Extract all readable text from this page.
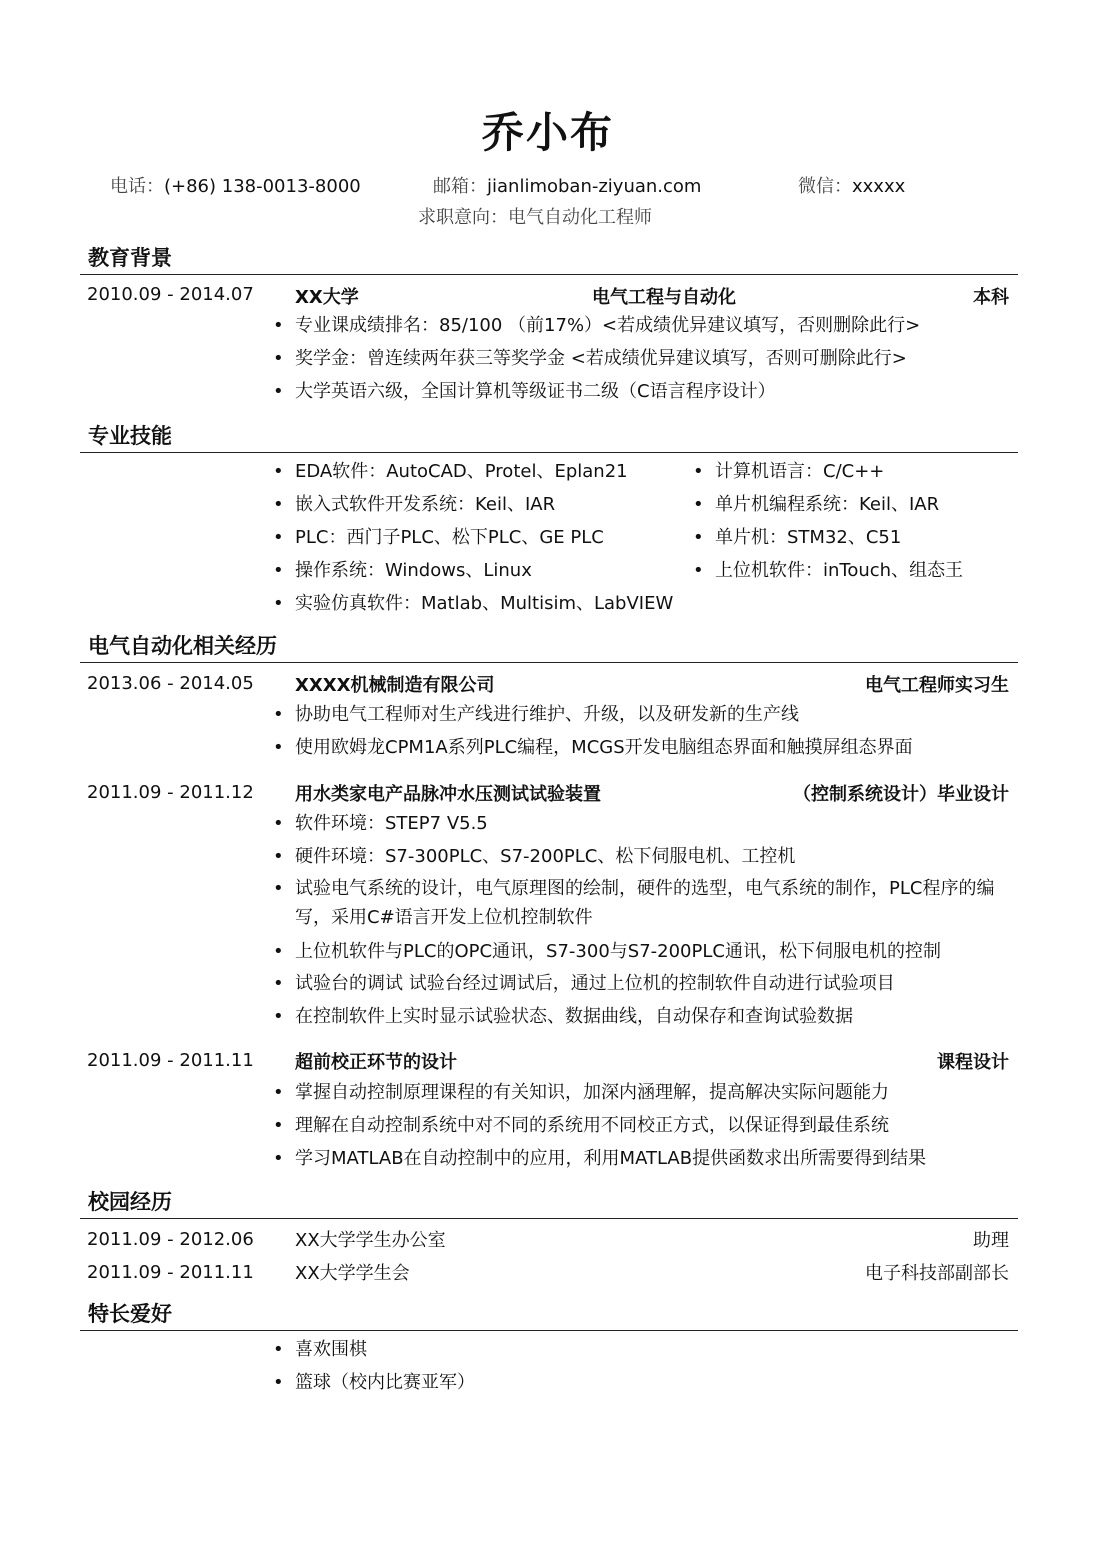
乔小布
电话：(+86) 138-0013-8000	邮箱：jianlimoban-ziyuan.com	微信：xxxxx
求职意向：电气自动化工程师
教育背景
2010.09 - 2014.07 XX大学	电气工程与自动化	本科
• 专业课成绩排名：85/100 （前17%）<若成绩优异建议填写，否则删除此行>
• 奖学金：曾连续两年获三等奖学金 <若成绩优异建议填写，否则可删除此行>
• 大学英语六级，全国计算机等级证书二级（C语言程序设计）
专业技能
• EDA软件：AutoCAD、Protel、Eplan21
• 嵌入式软件开发系统：Keil、IAR
• PLC：西门子PLC、松下PLC、GE PLC
• 操作系统：Windows、Linux
• 实验仿真软件：Matlab、Multisim、LabVIEW
• 计算机语言：C/C++
• 单片机编程系统：Keil、IAR
• 单片机：STM32、C51
• 上位机软件：inTouch、组态王
电气自动化相关经历
2013.06 - 2014.05 XXXX机械制造有限公司	电气工程师实习生
• 协助电气工程师对生产线进行维护、升级，以及研发新的生产线
• 使用欧姆龙CPM1A系列PLC编程，MCGS开发电脑组态界面和触摸屏组态界面
2011.09 - 2011.12 用水类家电产品脉冲水压测试试验装置	（控制系统设计）毕业设计
• 软件环境：STEP7 V5.5
• 硬件环境：S7-300PLC、S7-200PLC、松下伺服电机、工控机
• 试验电气系统的设计，电气原理图的绘制，硬件的选型，电气系统的制作，PLC程序的编写，采用C#语言开发上位机控制软件
• 上位机软件与PLC的OPC通讯，S7-300与S7-200PLC通讯，松下伺服电机的控制
• 试验台的调试 试验台经过调试后，通过上位机的控制软件自动进行试验项目
• 在控制软件上实时显示试验状态、数据曲线，自动保存和查询试验数据
2011.09 - 2011.11 超前校正环节的设计	课程设计
• 掌握自动控制原理课程的有关知识，加深内涵理解，提高解决实际问题能力
• 理解在自动控制系统中对不同的系统用不同校正方式，以保证得到最佳系统
• 学习MATLAB在自动控制中的应用，利用MATLAB提供函数求出所需要得到结果
校园经历
2011.09 - 2012.06 XX大学学生办公室	助理
2011.09 - 2011.11 XX大学学生会	电子科技部副部长
特长爱好
• 喜欢围棋
• 篮球（校内比赛亚军）
